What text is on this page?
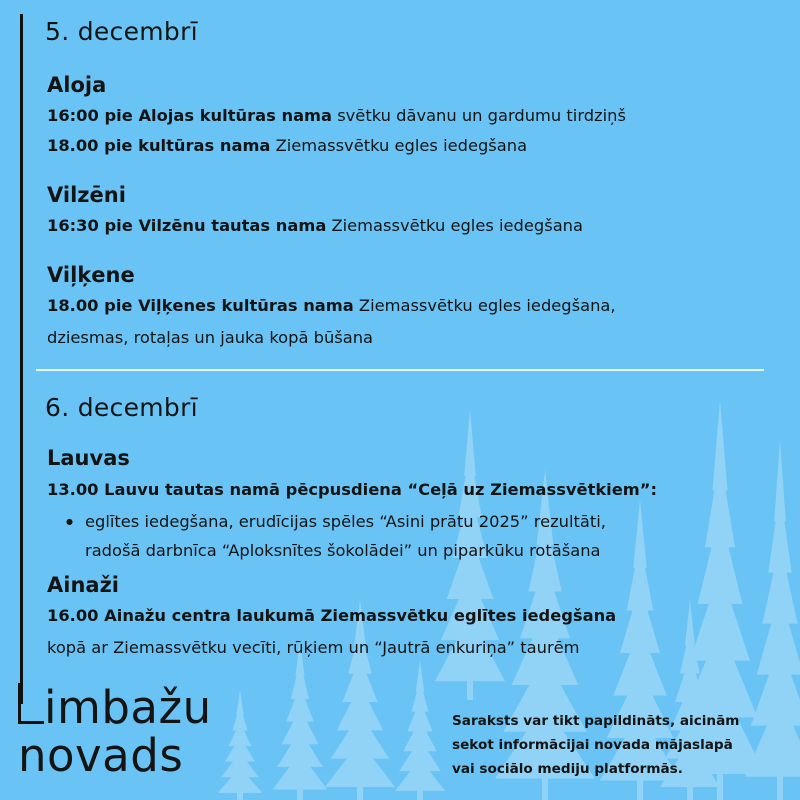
5. decembrī
Aloja
16:00 pie Alojas kultūras nama svētku dāvanu un gardumu tirdziņš
18.00 pie kultūras nama Ziemassvētku egles iedegšana
Vilzēni
16:30 pie Vilzēnu tautas nama Ziemassvētku egles iedegšana
Viļķene
18.00 pie Viļķenes kultūras nama Ziemassvētku egles iedegšana,
dziesmas, rotaļas un jauka kopā būšana
6. decembrī
Lauvas
13.00 Lauvu tautas namā pēcpusdiena “Ceļā uz Ziemassvētkiem”:
● eglītes iedegšana, erudīcijas spēles “Asini prātu 2025” rezultāti,
radošā darbnīca “Aploksnītes šokolādei” un piparkūku rotāšana
Ainaži
16.00 Ainažu centra laukumā Ziemassvētku eglītes iedegšana
kopā ar Ziemassvētku vecīti, rūķiem un “Jautrā enkuriņa” taurēm
imbažu
novads
Saraksts var tikt papildināts, aicinām
sekot informācijai novada mājaslapā
vai sociālo mediju platformās.
